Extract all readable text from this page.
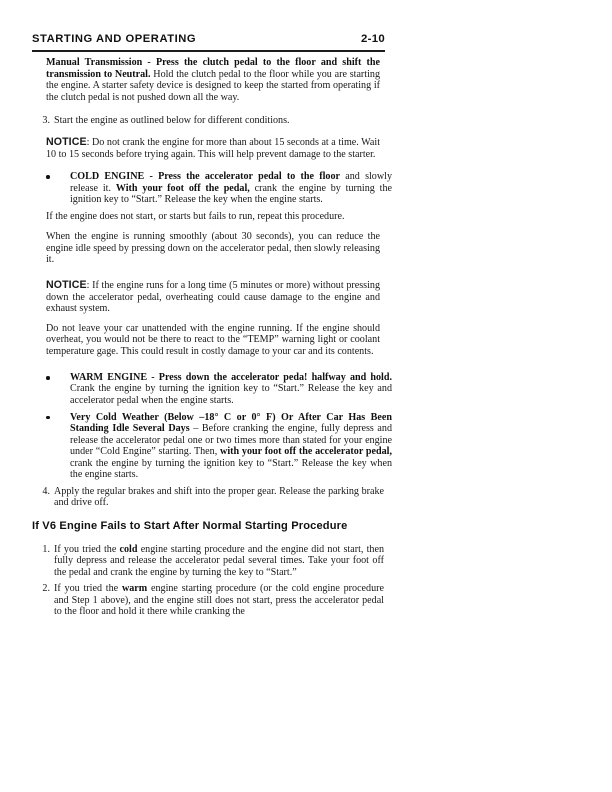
STARTING AND OPERATING	2-10

Manual Transmission - Press the clutch pedal to the floor and shift the transmission to Neutral. Hold the clutch pedal to the floor while you are starting the engine. A starter safety device is designed to keep the started from operating if the clutch pedal is not pushed down all the way.

3. Start the engine as outlined below for different conditions.

NOTICE: Do not crank the engine for more than about 15 seconds at a time. Wait 10 to 15 seconds before trying again. This will help prevent damage to the starter.

COLD ENGINE - Press the accelerator pedal to the floor and slowly release it. With your foot off the pedal, crank the engine by turning the ignition key to “Start.” Release the key when the engine starts.

If the engine does not start, or starts but fails to run, repeat this procedure.

When the engine is running smoothly (about 30 seconds), you can reduce the engine idle speed by pressing down on the accelerator pedal, then slowly releasing it.

NOTICE: If the engine runs for a long time (5 minutes or more) without pressing down the accelerator pedal, overheating could cause damage to the engine and exhaust system.

Do not leave your car unattended with the engine running. If the engine should overheat, you would not be there to react to the “TEMP” warning light or coolant temperature gage. This could result in costly damage to your car and its contents.

WARM ENGINE - Press down the accelerator peda! halfway and hold. Crank the engine by turning the ignition key to “Start.” Release the key and accelerator pedal when the engine starts.

Very Cold Weather (Below –18° C or 0° F) Or After Car Has Been Standing Idle Several Days – Before cranking the engine, fully depress and release the accelerator pedal one or two times more than stated for your engine under “Cold Engine” starting. Then, with your foot off the accelerator pedal, crank the engine by turning the ignition key to “Start.” Release the key when the engine starts.

4. Apply the regular brakes and shift into the proper gear. Release the parking brake and drive off.

If V6 Engine Fails to Start After Normal Starting Procedure
1. If you tried the cold engine starting procedure and the engine did not start, then fully depress and release the accelerator pedal several times. Take your foot off the pedal and crank the engine by turning the key to “Start.”

2. If you tried the warm engine starting procedure (or the cold engine procedure and Step 1 above), and the engine still does not start, press the accelerator pedal to the floor and hold it there while cranking the
